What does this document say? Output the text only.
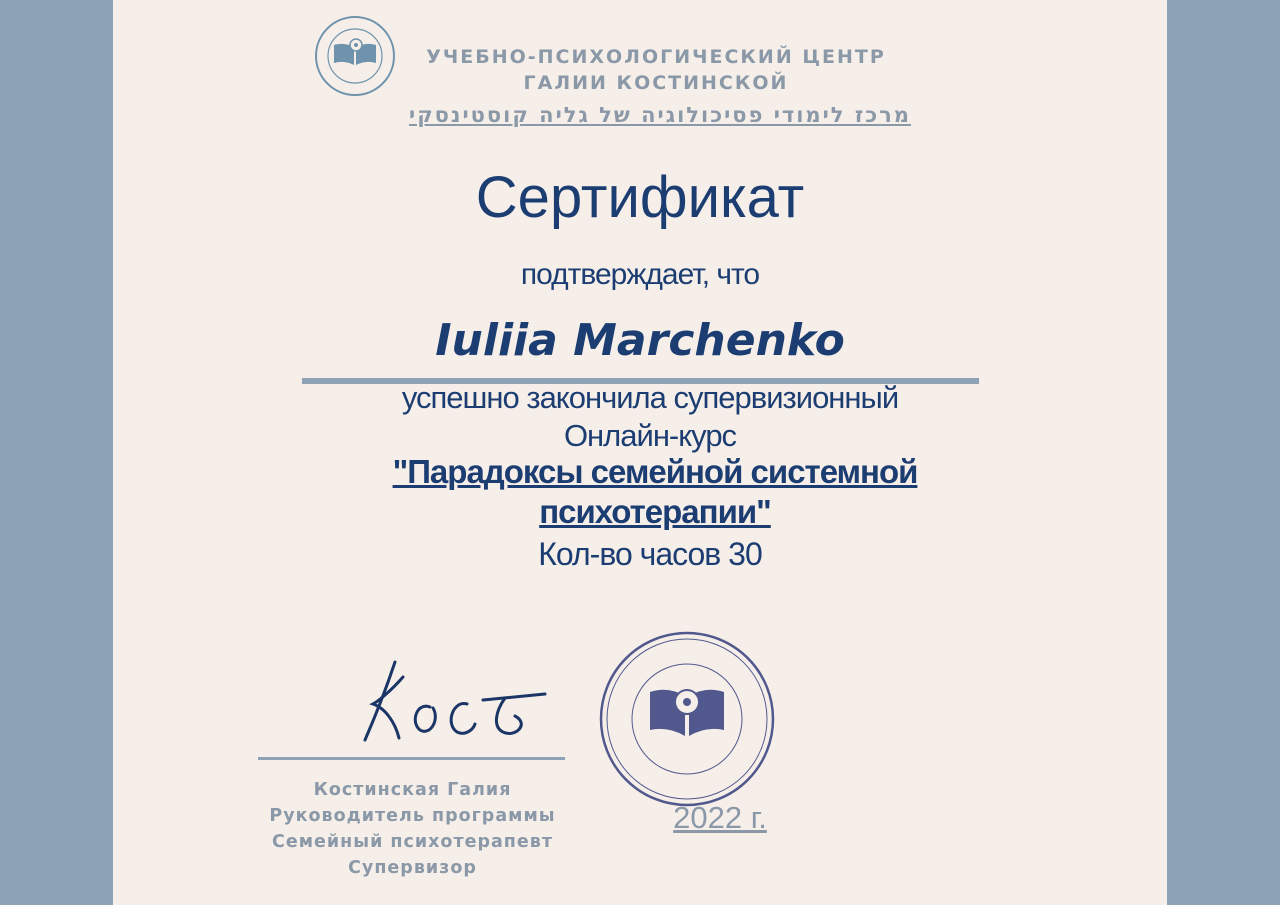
УЧЕБНО-ПСИХОЛОГИЧЕСКИЙ ЦЕНТР
ГАЛИИ КОСТИНСКОЙ
מרכז לימודי פסיכולוגיה של גליה קוסטינסקי
Сертификат
подтверждает, что
Iuliia Marchenko
успешно закончила супервизионный
Онлайн-курс
"Парадоксы семейной системной
психотерапии"
Кол-во часов 30
Костинская Галия
Руководитель программы
Семейный психотерапевт
Супервизор
2022 г.
